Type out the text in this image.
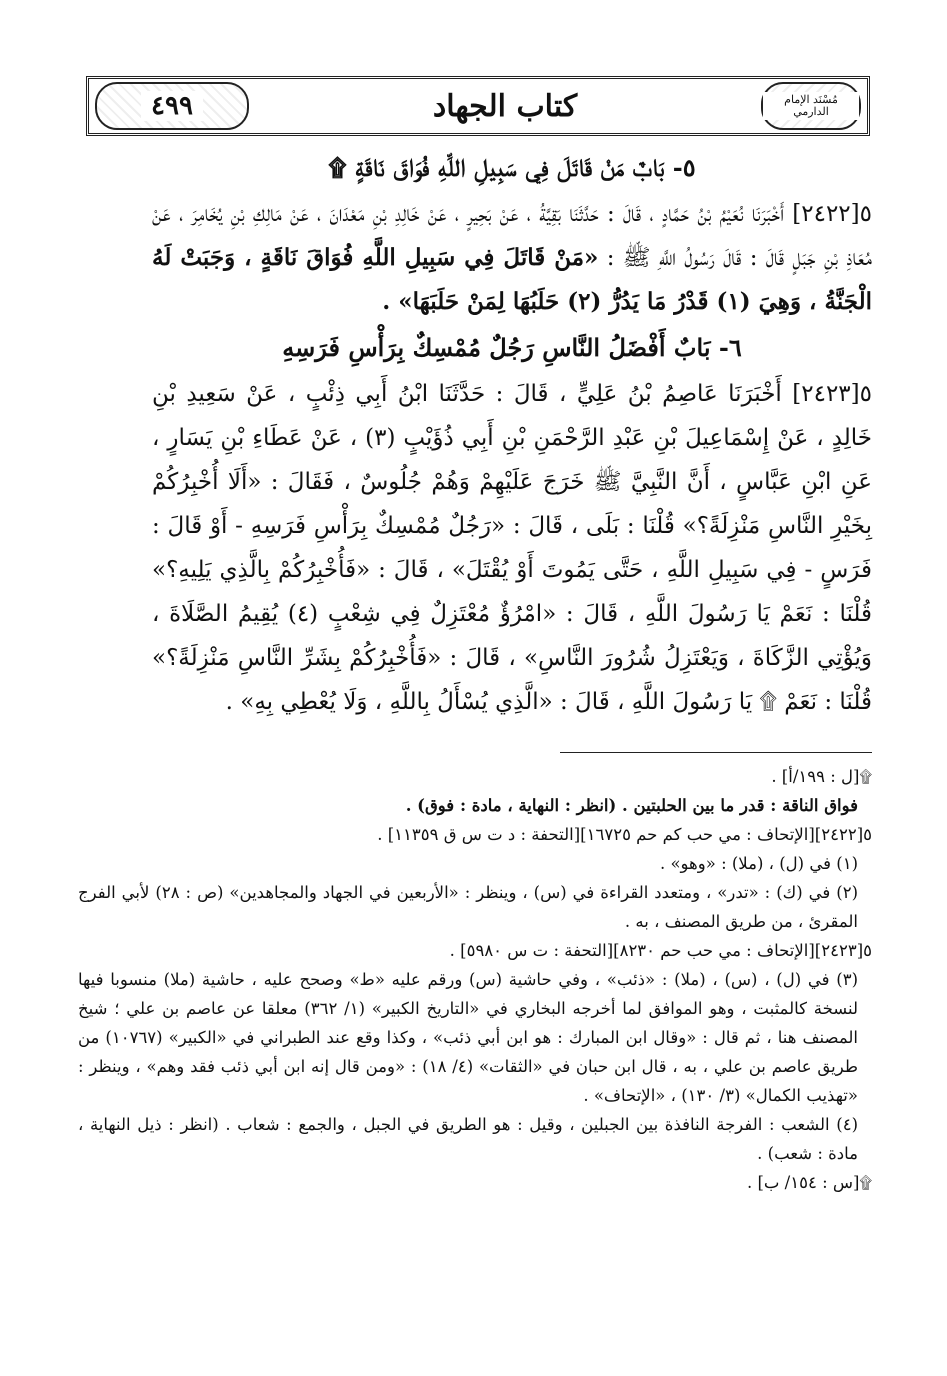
٤٩٩	كتاب الجهاد	مُسْنَد الإمام الدارمي
٥- بَابٌ مَنْ قَاتَلَ فِي سَبِيلِ اللَّهِ فُوَاقَ نَاقَةٍ ۩

٥[٢٤٢٢] أَخْبَرَنَا نُعَيْمُ بْنُ حَمَّادٍ ، قَالَ : حَدَّثَنَا بَقِيَّةُ ، عَنْ بَحِيرٍ ، عَنْ خَالِدِ بْنِ مَعْدَانَ ، عَنْ مَالِكِ بْنِ يُخَامِرَ ، عَنْ مُعَاذِ بْنِ جَبَلٍ قَالَ : قَالَ رَسُولُ اللَّهِ ﷺ : «مَنْ قَاتَلَ فِي سَبِيلِ اللَّهِ فُوَاقَ نَاقَةٍ ، وَجَبَتْ لَهُ الْجَنَّةُ ، وَهِيَ (١) قَدْرُ مَا يَدُرُّ (٢) حَلَبُهَا لِمَنْ حَلَبَهَا» .

٦- بَابٌ أَفْضَلُ النَّاسِ رَجُلٌ مُمْسِكٌ بِرَأْسِ فَرَسِهِ

٥[٢٤٢٣] أَخْبَرَنَا عَاصِمُ بْنُ عَلِيٍّ ، قَالَ : حَدَّثَنَا ابْنُ أَبِي ذِئْبٍ ، عَنْ سَعِيدِ بْنِ خَالِدٍ ، عَنْ إِسْمَاعِيلَ بْنِ عَبْدِ الرَّحْمَنِ بْنِ أَبِي ذُؤَيْبٍ (٣) ، عَنْ عَطَاءِ بْنِ يَسَارٍ ، عَنِ ابْنِ عَبَّاسٍ ، أَنَّ النَّبِيَّ ﷺ خَرَجَ عَلَيْهِمْ وَهُمْ جُلُوسٌ ، فَقَالَ : «أَلَا أُخْبِرُكُمْ بِخَيْرِ النَّاسِ مَنْزِلَةً؟» قُلْنَا : بَلَى ، قَالَ : «رَجُلٌ مُمْسِكٌ بِرَأْسِ فَرَسِهِ - أَوْ قَالَ : فَرَسٍ - فِي سَبِيلِ اللَّهِ ، حَتَّى يَمُوتَ أَوْ يُقْتَلَ» ، قَالَ : «فَأُخْبِرُكُمْ بِالَّذِي يَلِيهِ؟» قُلْنَا : نَعَمْ يَا رَسُولَ اللَّهِ ، قَالَ : «امْرُؤٌ مُعْتَزِلٌ فِي شِعْبٍ (٤) يُقِيمُ الصَّلَاةَ ، وَيُؤْتِي الزَّكَاةَ ، وَيَعْتَزِلُ شُرُورَ النَّاسِ» ، قَالَ : «فَأُخْبِرُكُمْ بِشَرِّ النَّاسِ مَنْزِلَةً؟» قُلْنَا : نَعَمْ ۩ يَا رَسُولَ اللَّهِ ، قَالَ : «الَّذِي يُسْأَلُ بِاللَّهِ ، وَلَا يُعْطِي بِهِ» .

۩[ل : ١٩٩/أ] .

فواق الناقة : قدر ما بين الحلبتين . (انظر : النهاية ، مادة : فوق) .

٥[٢٤٢٢][الإتحاف : مي حب كم حم ١٦٧٢٥][التحفة : د ت س ق ١١٣٥٩] .

(١) في (ل) ، (ملا) : «وهو» .

(٢) في (ك) : «تدر» ، ومتعدد القراءة في (س) ، وينظر : «الأربعين في الجهاد والمجاهدين» (ص : ٢٨) لأبي الفرج المقرئ ، من طريق المصنف ، به .

٥[٢٤٢٣][الإتحاف : مي حب حم ٨٢٣٠][التحفة : ت س ٥٩٨٠] .

(٣) في (ل) ، (س) ، (ملا) : «ذئب» ، وفي حاشية (س) ورقم عليه «ط» وصحح عليه ، حاشية (ملا) منسوبا فيها لنسخة كالمثبت ، وهو الموافق لما أخرجه البخاري في «التاريخ الكبير» (١/ ٣٦٢) معلقا عن عاصم بن علي ؛ شيخ المصنف هنا ، ثم قال : «وقال ابن المبارك : هو ابن أبي ذئب» ، وكذا وقع عند الطبراني في «الكبير» (١٠٧٦٧) من طريق عاصم بن علي ، به ، قال ابن حبان في «الثقات» (٤/ ١٨) : «ومن قال إنه ابن أبي ذئب فقد وهم» ، وينظر : «تهذيب الكمال» (٣/ ١٣٠) ، «الإتحاف» .

(٤) الشعب : الفرجة النافذة بين الجبلين ، وقيل : هو الطريق في الجبل ، والجمع : شعاب . (انظر : ذيل النهاية ، مادة : شعب) .

۩[س : ١٥٤/ ب] .
